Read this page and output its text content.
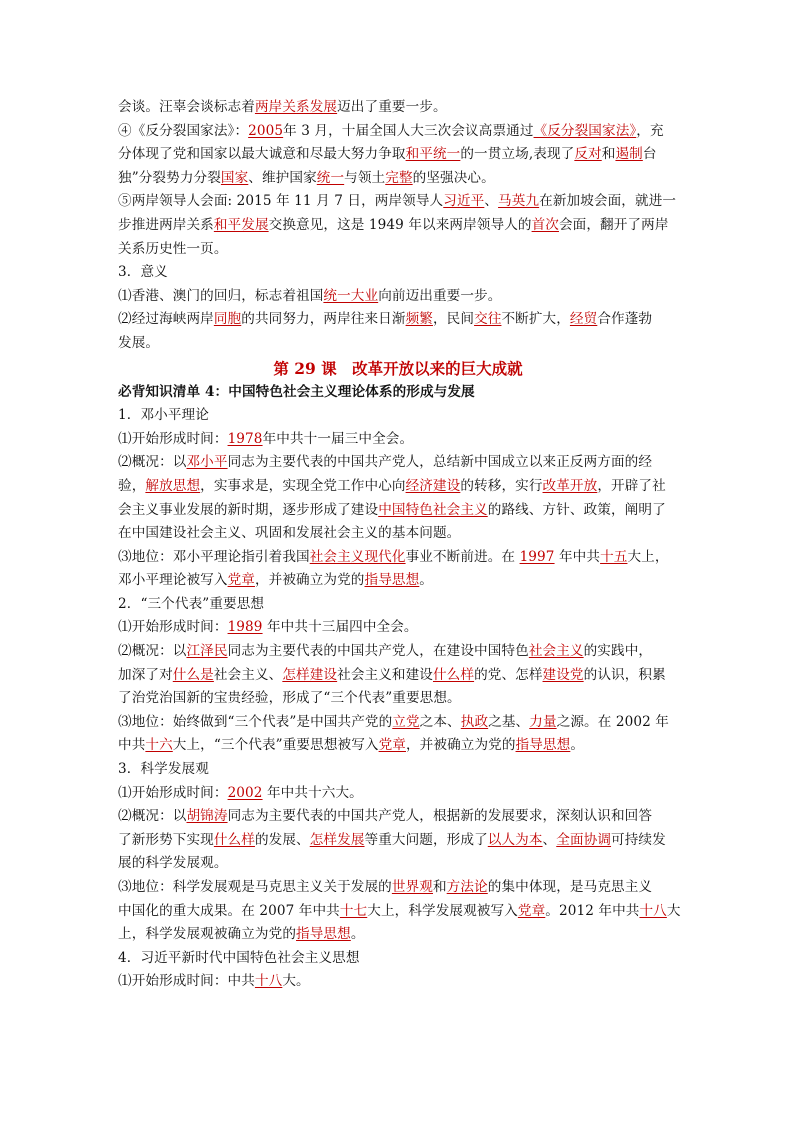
会谈。汪辜会谈标志着两岸关系发展迈出了重要一步。
④《反分裂国家法》：2005年 3 月，十届全国人大三次会议高票通过《反分裂国家法》，充
分体现了党和国家以最大诚意和尽最大努力争取和平统一的一贯立场,表现了反对和遏制台
独”分裂势力分裂国家、维护国家统一与领土完整的坚强决心。
⑤两岸领导人会面: 2015 年 11 月 7 日，两岸领导人习近平、马英九在新加坡会面，就进一
步推进两岸关系和平发展交换意见，这是 1949 年以来两岸领导人的首次会面，翻开了两岸
关系历史性一页。
3．意义
⑴香港、澳门的回归，标志着祖国统一大业向前迈出重要一步。
⑵经过海峡两岸同胞的共同努力，两岸往来日渐频繁，民间交往不断扩大，经贸合作蓬勃
发展。
第 29 课　改革开放以来的巨大成就
必背知识清单 4：中国特色社会主义理论体系的形成与发展
1．邓小平理论
⑴开始形成时间：1978年中共十一届三中全会。
⑵概况：以邓小平同志为主要代表的中国共产党人，总结新中国成立以来正反两方面的经
验，解放思想，实事求是，实现全党工作中心向经济建设的转移，实行改革开放，开辟了社
会主义事业发展的新时期，逐步形成了建设中国特色社会主义的路线、方针、政策，阐明了
在中国建设社会主义、巩固和发展社会主义的基本问题。
⑶地位：邓小平理论指引着我国社会主义现代化事业不断前进。在 1997 年中共十五大上，
邓小平理论被写入党章，并被确立为党的指导思想。
2．“三个代表”重要思想
⑴开始形成时间：1989 年中共十三届四中全会。
⑵概况：以江泽民同志为主要代表的中国共产党人，在建设中国特色社会主义的实践中，
加深了对什么是社会主义、怎样建设社会主义和建设什么样的党、怎样建设党的认识，积累
了治党治国新的宝贵经验，形成了“三个代表”重要思想。
⑶地位：始终做到“三个代表”是中国共产党的立党之本、执政之基、力量之源。在 2002 年
中共十六大上，“三个代表”重要思想被写入党章，并被确立为党的指导思想。
3．科学发展观
⑴开始形成时间：2002 年中共十六大。
⑵概况：以胡锦涛同志为主要代表的中国共产党人，根据新的发展要求，深刻认识和回答
了新形势下实现什么样的发展、怎样发展等重大问题，形成了以人为本、全面协调可持续发
展的科学发展观。
⑶地位：科学发展观是马克思主义关于发展的世界观和方法论的集中体现，是马克思主义
中国化的重大成果。在 2007 年中共十七大上，科学发展观被写入党章。2012 年中共十八大
上，科学发展观被确立为党的指导思想。
4．习近平新时代中国特色社会主义思想
⑴开始形成时间：中共十八大。
